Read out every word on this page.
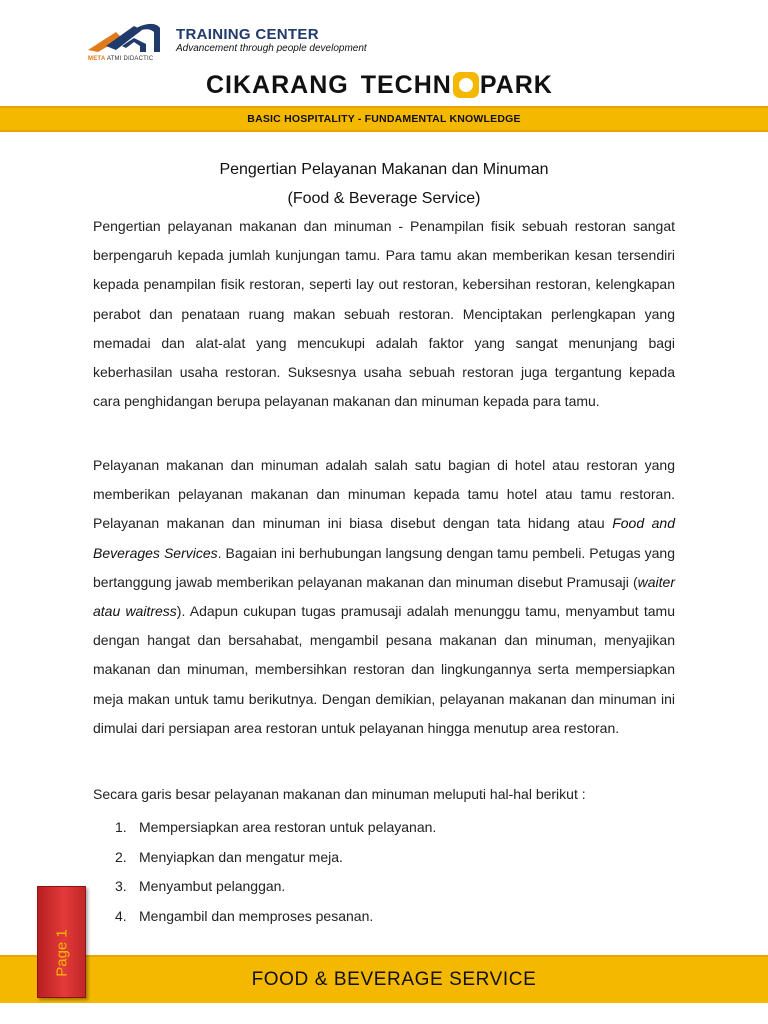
META ATMI DIDACTIC
TRAINING CENTER
Advancement through people development
CIKARANG TECHN PARK
BASIC HOSPITALITY - FUNDAMENTAL KNOWLEDGE
Pengertian Pelayanan Makanan dan Minuman
(Food & Beverage Service)

Pengertian pelayanan makanan dan minuman - Penampilan fisik sebuah restoran sangat berpengaruh kepada jumlah kunjungan tamu. Para tamu akan memberikan kesan tersendiri kepada penampilan fisik restoran, seperti lay out restoran, kebersihan restoran, kelengkapan perabot dan penataan ruang makan sebuah restoran. Menciptakan perlengkapan yang memadai dan alat-alat yang mencukupi adalah faktor yang sangat menunjang bagi keberhasilan usaha restoran. Suksesnya usaha sebuah restoran juga tergantung kepada cara penghidangan berupa pelayanan makanan dan minuman kepada para tamu.

Pelayanan makanan dan minuman adalah salah satu bagian di hotel atau restoran yang memberikan pelayanan makanan dan minuman kepada tamu hotel atau tamu restoran. Pelayanan makanan dan minuman ini biasa disebut dengan tata hidang atau Food and Beverages Services. Bagaian ini berhubungan langsung dengan tamu pembeli. Petugas yang bertanggung jawab memberikan pelayanan makanan dan minuman disebut Pramusaji (waiter atau waitress). Adapun cukupan tugas pramusaji adalah menunggu tamu, menyambut tamu dengan hangat dan bersahabat, mengambil pesana makanan dan minuman, menyajikan makanan dan minuman, membersihkan restoran dan lingkungannya serta mempersiapkan meja makan untuk tamu berikutnya. Dengan demikian, pelayanan makanan dan minuman ini dimulai dari persiapan area restoran untuk pelayanan hingga menutup area restoran.

Secara garis besar pelayanan makanan dan minuman meluputi hal-hal berikut :

1. Mempersiapkan area restoran untuk pelayanan.
2. Menyiapkan dan mengatur meja.
3. Menyambut pelanggan.
4. Mengambil dan memproses pesanan.
FOOD & BEVERAGE SERVICE
Page 1
